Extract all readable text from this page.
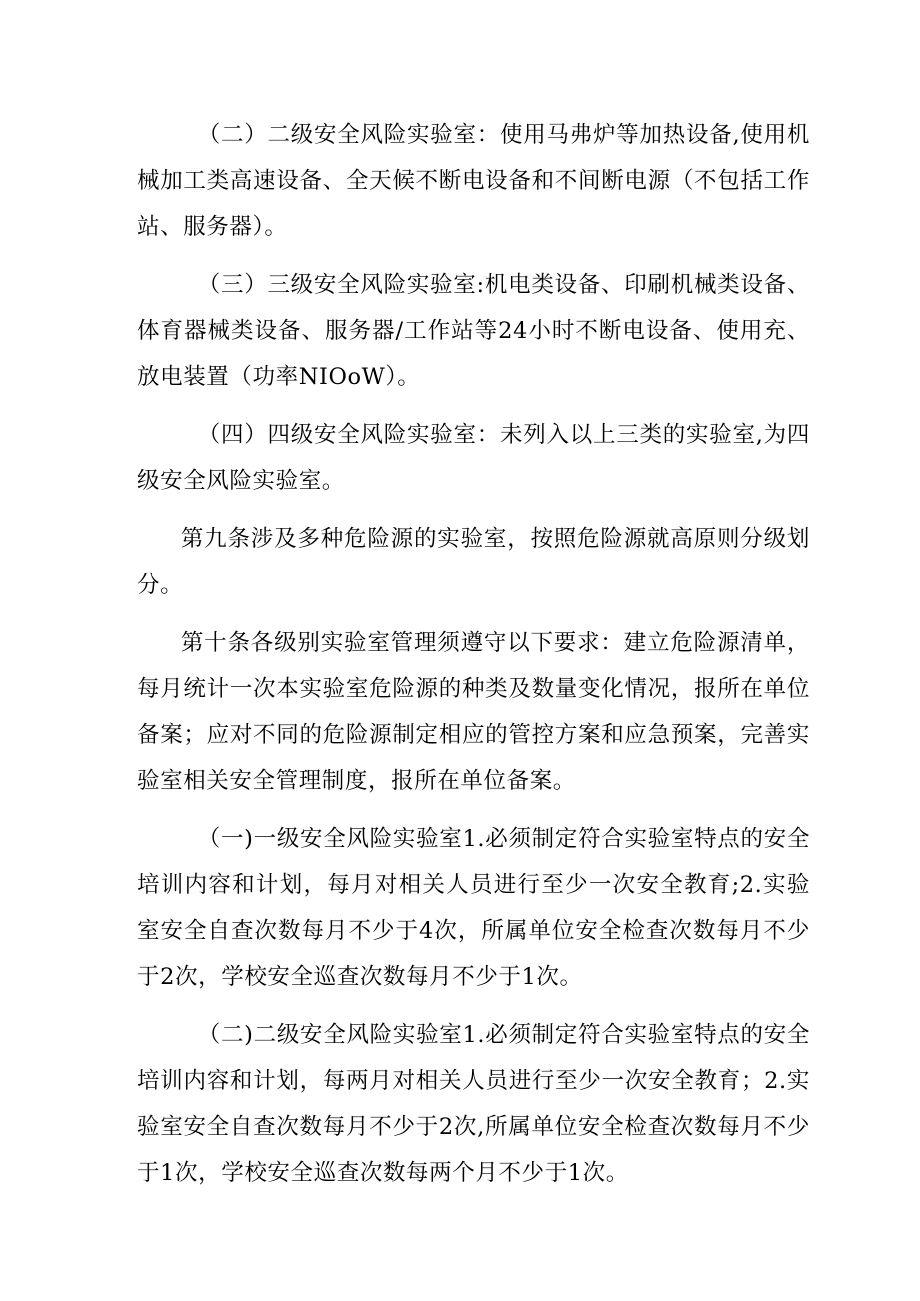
（二）二级安全风险实验室：使用马弗炉等加热设备,使用机械加工类高速设备、全天候不断电设备和不间断电源（不包括工作站、服务器）。

（三）三级安全风险实验室:机电类设备、印刷机械类设备、体育器械类设备、服务器/工作站等24小时不断电设备、使用充、放电装置（功率NIOoW）。

（四）四级安全风险实验室：未列入以上三类的实验室,为四级安全风险实验室。

第九条涉及多种危险源的实验室，按照危险源就高原则分级划分。

第十条各级别实验室管理须遵守以下要求：建立危险源清单，每月统计一次本实验室危险源的种类及数量变化情况，报所在单位备案；应对不同的危险源制定相应的管控方案和应急预案，完善实验室相关安全管理制度，报所在单位备案。

（一)一级安全风险实验室1.必须制定符合实验室特点的安全培训内容和计划，每月对相关人员进行至少一次安全教育;2.实验室安全自查次数每月不少于4次，所属单位安全检查次数每月不少于2次，学校安全巡查次数每月不少于1次。

（二)二级安全风险实验室1.必须制定符合实验室特点的安全培训内容和计划，每两月对相关人员进行至少一次安全教育；2.实验室安全自查次数每月不少于2次,所属单位安全检查次数每月不少于1次，学校安全巡查次数每两个月不少于1次。
